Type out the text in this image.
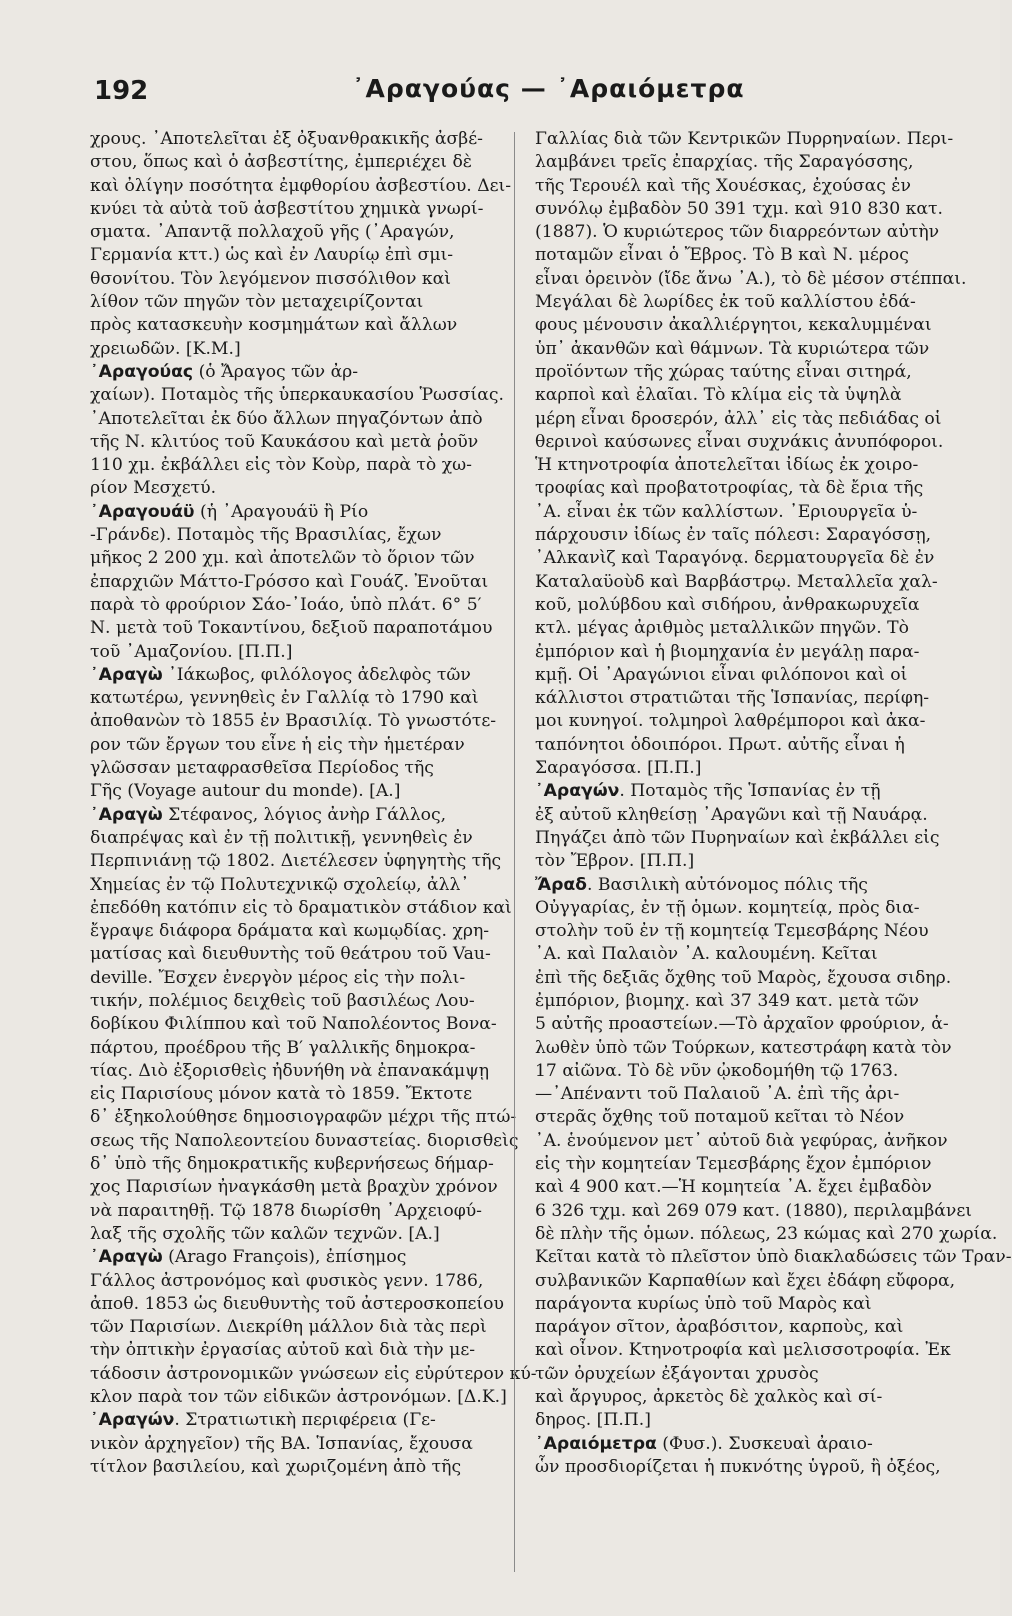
192	᾿Αραγούας — ᾿Αραιόμετρα
χρους. ᾿Αποτελεῖται ἐξ ὀξυανθρακικῆς ἀσβέ-
στου, ὅπως καὶ ὁ ἀσβεστίτης, ἐμπεριέχει δὲ
καὶ ὀλίγην ποσότητα ἐμφθορίου ἀσβεστίου. Δει-
κνύει τὰ αὐτὰ τοῦ ἀσβεστίτου χημικὰ γνωρί-
σματα. ᾿Απαντᾷ πολλαχοῦ γῆς (᾿Αραγών,
Γερμανία κττ.) ὡς καὶ ἐν Λαυρίῳ ἐπὶ σμι-
θσονίτου. Τὸν λεγόμενον πισσόλιθον καὶ
λίθον τῶν πηγῶν τὸν μεταχειρίζονται
πρὸς κατασκευὴν κοσμημάτων καὶ ἄλλων
χρειωδῶν. [Κ.Μ.]
᾿Αραγούας (ὁ Ἄραγος τῶν ἀρ-
χαίων). Ποταμὸς τῆς ὑπερκαυκασίου Ῥωσσίας.
᾿Αποτελεῖται ἐκ δύο ἄλλων πηγαζόντων ἀπὸ
τῆς Ν. κλιτύος τοῦ Καυκάσου καὶ μετὰ ῥοῦν
110 χμ. ἐκβάλλει εἰς τὸν Κοὺρ, παρὰ τὸ χω-
ρίον Μεσχετύ.
᾿Αραγουάϋ (ἡ ᾿Αραγουάϋ ἢ Ρίο
-Γράνδε). Ποταμὸς τῆς Βρασιλίας, ἔχων
μῆκος 2 200 χμ. καὶ ἀποτελῶν τὸ ὅριον τῶν
ἐπαρχιῶν Μάττο-Γρόσσο καὶ Γουάζ. Ἐνοῦται
παρὰ τὸ φρούριον Σάο-᾿Ιοάο, ὑπὸ πλάτ. 6° 5′
Ν. μετὰ τοῦ Τοκαντίνου, δεξιοῦ παραποτάμου
τοῦ ᾿Αμαζονίου. [Π.Π.]
᾿Αραγὼ ᾿Ιάκωβος, φιλόλογος ἀδελφὸς τῶν
κατωτέρω, γεννηθεὶς ἐν Γαλλίᾳ τὸ 1790 καὶ
ἀποθανὼν τὸ 1855 ἐν Βρασιλίᾳ. Τὸ γνωστότε-
ρον τῶν ἔργων του εἶνε ἡ εἰς τὴν ἡμετέραν
γλῶσσαν μεταφρασθεῖσα Περίοδος τῆς
Γῆς (Voyage autour du monde). [Α.]
᾿Αραγὼ Στέφανος, λόγιος ἀνὴρ Γάλλος,
διαπρέψας καὶ ἐν τῇ πολιτικῇ, γεννηθεὶς ἐν
Περπινιάνῃ τῷ 1802. Διετέλεσεν ὑφηγητὴς τῆς
Χημείας ἐν τῷ Πολυτεχνικῷ σχολείῳ, ἀλλ᾿
ἐπεδόθη κατόπιν εἰς τὸ δραματικὸν στάδιον καὶ
ἔγραψε διάφορα δράματα καὶ κωμῳδίας. χρη-
ματίσας καὶ διευθυντὴς τοῦ θεάτρου τοῦ Vau-
deville. Ἔσχεν ἐνεργὸν μέρος εἰς τὴν πολι-
τικήν, πολέμιος δειχθεὶς τοῦ βασιλέως Λου-
δοβίκου Φιλίππου καὶ τοῦ Ναπολέοντος Βονα-
πάρτου, προέδρου τῆς Β′ γαλλικῆς δημοκρα-
τίας. Διὸ ἐξορισθεὶς ἠδυνήθη νὰ ἐπανακάμψῃ
εἰς Παρισίους μόνον κατὰ τὸ 1859. Ἔκτοτε
δ᾿ ἐξηκολούθησε δημοσιογραφῶν μέχρι τῆς πτώ-
σεως τῆς Ναπολεοντείου δυναστείας. διορισθεὶς
δ᾿ ὑπὸ τῆς δημοκρατικῆς κυβερνήσεως δήμαρ-
χος Παρισίων ἠναγκάσθη μετὰ βραχὺν χρόνον
νὰ παραιτηθῇ. Τῷ 1878 διωρίσθη ᾿Αρχειοφύ-
λαξ τῆς σχολῆς τῶν καλῶν τεχνῶν. [Α.]
᾿Αραγὼ (Arago François), ἐπίσημος
Γάλλος ἀστρονόμος καὶ φυσικὸς γενν. 1786,
ἀποθ. 1853 ὡς διευθυντὴς τοῦ ἀστεροσκοπείου
τῶν Παρισίων. Διεκρίθη μάλλον διὰ τὰς περὶ
τὴν ὀπτικὴν ἐργασίας αὐτοῦ καὶ διὰ τὴν με-
τάδοσιν ἀστρονομικῶν γνώσεων εἰς εὐρύτερον κύ-
κλον παρὰ τον τῶν εἰδικῶν ἀστρονόμων. [Δ.Κ.]
᾿Αραγών. Στρατιωτικὴ περιφέρεια (Γε-
νικὸν ἀρχηγεῖον) τῆς ΒΑ. Ἱσπανίας, ἔχουσα
τίτλον βασιλείου, καὶ χωριζομένη ἀπὸ τῆς
Γαλλίας διὰ τῶν Κεντρικῶν Πυρρηναίων. Περι-
λαμβάνει τρεῖς ἐπαρχίας. τῆς Σαραγόσσης,
τῆς Τερουέλ καὶ τῆς Χουέσκας, ἐχούσας ἐν
συνόλῳ ἐμβαδὸν 50 391 τχμ. καὶ 910 830 κατ.
(1887). Ὁ κυριώτερος τῶν διαρρεόντων αὐτὴν
ποταμῶν εἶναι ὁ Ἔβρος. Τὸ Β καὶ Ν. μέρος
εἶναι ὀρεινὸν (ἴδε ἄνω ᾿Α.), τὸ δὲ μέσον στέππαι.
Μεγάλαι δὲ λωρίδες ἐκ τοῦ καλλίστου ἐδά-
φους μένουσιν ἀκαλλιέργητοι, κεκαλυμμέναι
ὑπ᾿ ἀκανθῶν καὶ θάμνων. Τὰ κυριώτερα τῶν
προϊόντων τῆς χώρας ταύτης εἶναι σιτηρά,
καρποὶ καὶ ἐλαῖαι. Τὸ κλίμα εἰς τὰ ὑψηλὰ
μέρη εἶναι δροσερόν, ἀλλ᾿ εἰς τὰς πεδιάδας οἱ
θερινοὶ καύσωνες εἶναι συχνάκις ἀνυπόφοροι.
Ἡ κτηνοτροφία ἀποτελεῖται ἰδίως ἐκ χοιρο-
τροφίας καὶ προβατοτροφίας, τὰ δὲ ἔρια τῆς
᾿Α. εἶναι ἐκ τῶν καλλίστων. ᾿Εριουργεῖα ὑ-
πάρχουσιν ἰδίως ἐν ταῖς πόλεσι: Σαραγόσσῃ,
᾿Αλκανὶζ καὶ Ταραγόνᾳ. δερματουργεῖα δὲ ἐν
Καταλαϋοὺδ καὶ Βαρβάστρῳ. Μεταλλεῖα χαλ-
κοῦ, μολύβδου καὶ σιδήρου, ἀνθρακωρυχεῖα
κτλ. μέγας ἀριθμὸς μεταλλικῶν πηγῶν. Τὸ
ἐμπόριον καὶ ἡ βιομηχανία ἐν μεγάλῃ παρα-
κμῇ. Οἱ ᾿Αραγώνιοι εἶναι φιλόπονοι καὶ οἱ
κάλλιστοι στρατιῶται τῆς Ἱσπανίας, περίφη-
μοι κυνηγοί. τολμηροὶ λαθρέμποροι καὶ ἀκα-
ταπόνητοι ὁδοιπόροι. Πρωτ. αὐτῆς εἶναι ἡ
Σαραγόσσα. [Π.Π.]
᾿Αραγών. Ποταμὸς τῆς Ἱσπανίας ἐν τῇ
ἐξ αὐτοῦ κληθείσῃ ᾿Αραγῶνι καὶ τῇ Ναυάρᾳ.
Πηγάζει ἀπὸ τῶν Πυρηναίων καὶ ἐκβάλλει εἰς
τὸν Ἔβρον. [Π.Π.]
Ἄραδ. Βασιλικὴ αὐτόνομος πόλις τῆς
Οὐγγαρίας, ἐν τῇ ὁμων. κομητείᾳ, πρὸς δια-
στολὴν τοῦ ἐν τῇ κομητείᾳ Τεμεσβάρης Νέου
᾿Α. καὶ Παλαιὸν ᾿Α. καλουμένη. Κεῖται
ἐπὶ τῆς δεξιᾶς ὄχθης τοῦ Μαρὸς, ἔχουσα σιδηρ.
ἐμπόριον, βιομηχ. καὶ 37 349 κατ. μετὰ τῶν
5 αὐτῆς προαστείων.—Τὸ ἀρχαῖον φρούριον, ἁ-
λωθὲν ὑπὸ τῶν Τούρκων, κατεστράφη κατὰ τὸν
17 αἰῶνα. Τὸ δὲ νῦν ᾠκοδομήθη τῷ 1763.
—᾿Απέναντι τοῦ Παλαιοῦ ᾿Α. ἐπὶ τῆς ἀρι-
στερᾶς ὄχθης τοῦ ποταμοῦ κεῖται τὸ Νέον
᾿Α. ἑνούμενον μετ᾿ αὐτοῦ διὰ γεφύρας, ἀνῆκον
εἰς τὴν κομητείαν Τεμεσβάρης ἔχον ἐμπόριον
καὶ 4 900 κατ.—Ἡ κομητεία ᾿Α. ἔχει ἐμβαδὸν
6 326 τχμ. καὶ 269 079 κατ. (1880), περιλαμβάνει
δὲ πλὴν τῆς ὁμων. πόλεως, 23 κώμας καὶ 270 χωρία.
Κεῖται κατὰ τὸ πλεῖστον ὑπὸ διακλαδώσεις τῶν Τραν-
συλβανικῶν Καρπαθίων καὶ ἔχει ἐδάφη εὔφορα,
παράγοντα κυρίως ὑπὸ τοῦ Μαρὸς καὶ
παράγον σῖτον, ἀραβόσιτον, καρποὺς, καὶ
καὶ οἶνον. Κτηνοτροφία καὶ μελισσοτροφία. Ἐκ
τῶν ὀρυχείων ἐξάγονται χρυσὸς
καὶ ἄργυρος, ἀρκετὸς δὲ χαλκὸς καὶ σί-
δηρος. [Π.Π.]
᾿Αραιόμετρα (Φυσ.). Συσκευαὶ ἀραιο-
ὧν προσδιορίζεται ἡ πυκνότης ὑγροῦ, ἢ ὀξέος,
